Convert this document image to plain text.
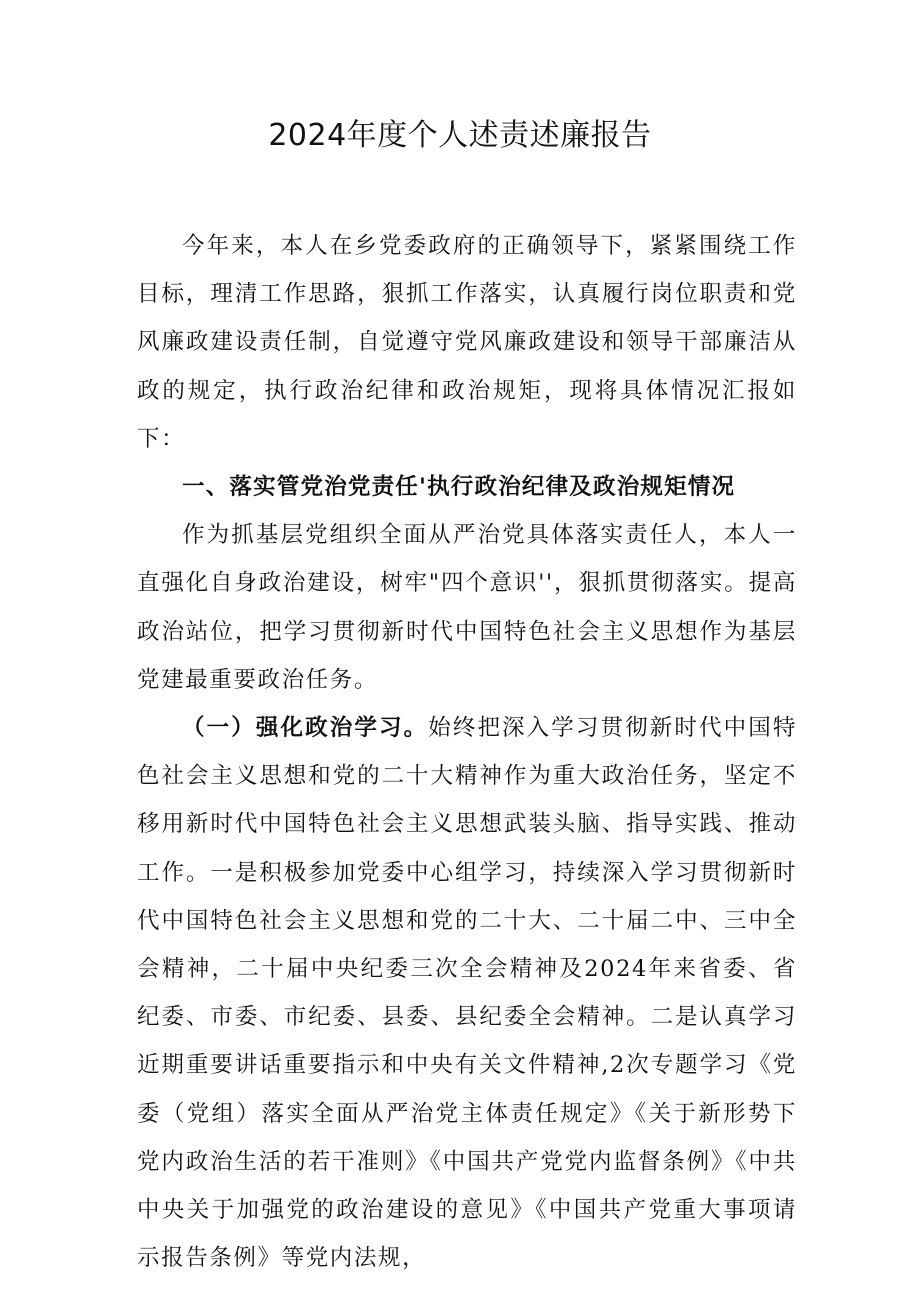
2024年度个人述责述廉报告

今年来，本人在乡党委政府的正确领导下，紧紧围绕工作目标，理清工作思路，狠抓工作落实，认真履行岗位职责和党风廉政建设责任制，自觉遵守党风廉政建设和领导干部廉洁从政的规定，执行政治纪律和政治规矩，现将具体情况汇报如下：

一、落实管党治党责任'执行政治纪律及政治规矩情况

作为抓基层党组织全面从严治党具体落实责任人，本人一直强化自身政治建设，树牢"四个意识''，狠抓贯彻落实。提高政治站位，把学习贯彻新时代中国特色社会主义思想作为基层党建最重要政治任务。

（一）强化政治学习。始终把深入学习贯彻新时代中国特色社会主义思想和党的二十大精神作为重大政治任务，坚定不移用新时代中国特色社会主义思想武装头脑、指导实践、推动工作。一是积极参加党委中心组学习，持续深入学习贯彻新时代中国特色社会主义思想和党的二十大、二十届二中、三中全会精神，二十届中央纪委三次全会精神及2024年来省委、省纪委、市委、市纪委、县委、县纪委全会精神。二是认真学习近期重要讲话重要指示和中央有关文件精神,2次专题学习《党委（党组）落实全面从严治党主体责任规定》《关于新形势下党内政治生活的若干准则》《中国共产党党内监督条例》《中共中央关于加强党的政治建设的意见》《中国共产党重大事项请示报告条例》等党内法规，
